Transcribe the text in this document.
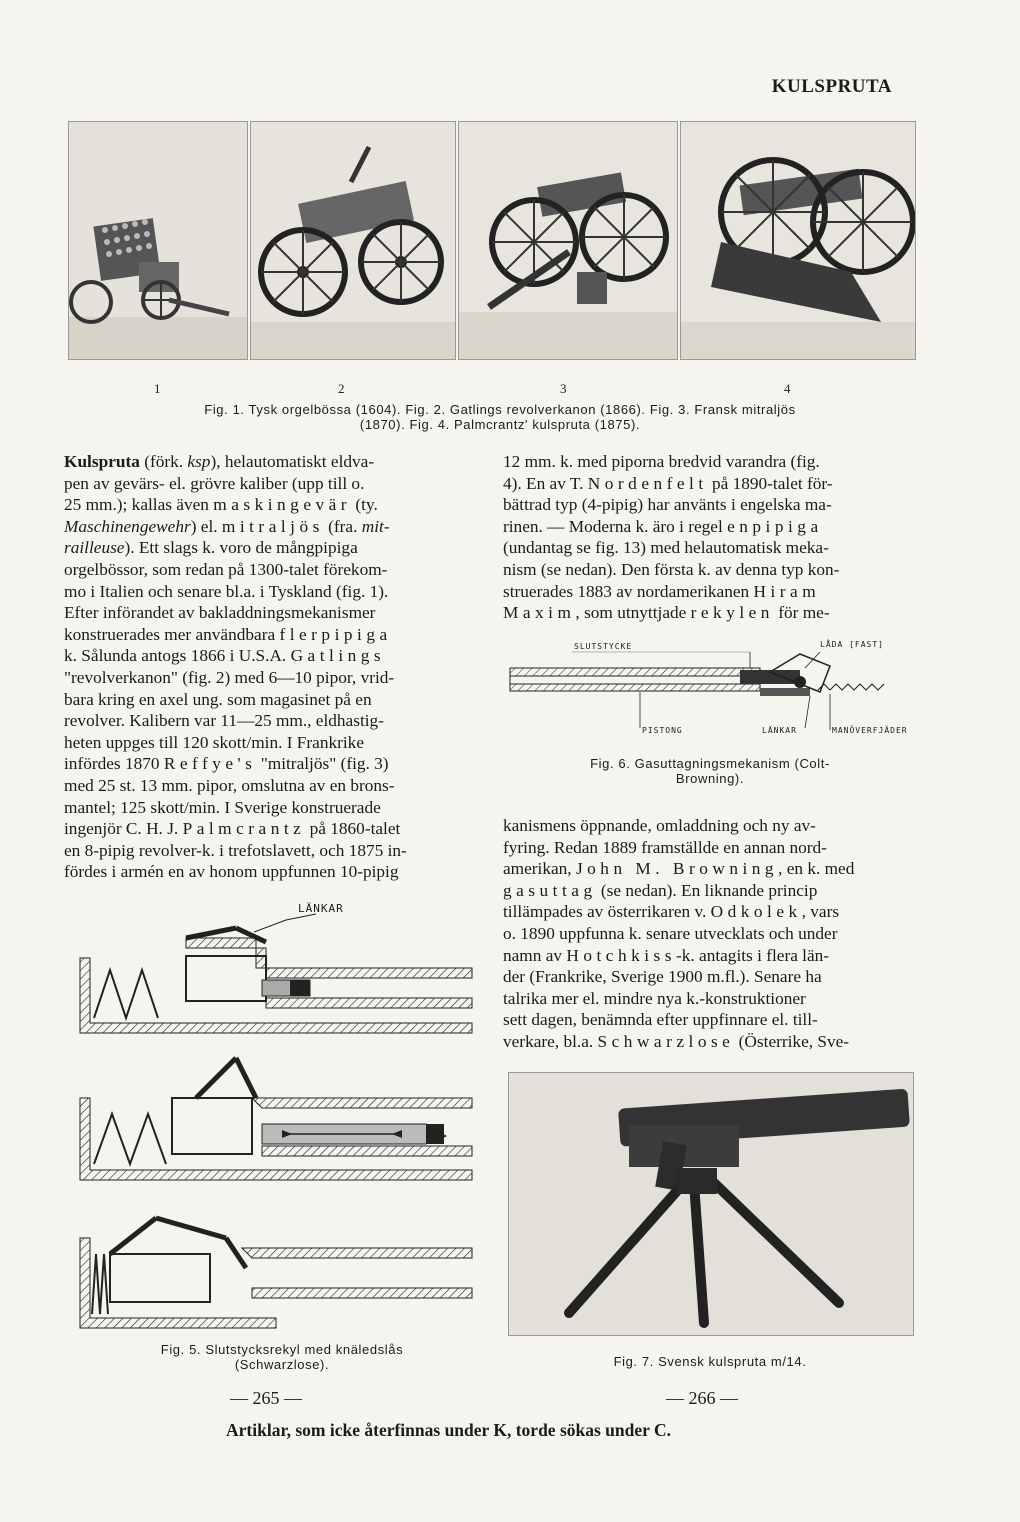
KULSPRUTA
1	2	3	4
Fig. 1. Tysk orgelbössa (1604). Fig. 2. Gatlings revolverkanon (1866). Fig. 3. Fransk mitraljös
(1870). Fig. 4. Palmcrantz' kulspruta (1875).

Kulspruta (förk. ksp), helautomatiskt eldva-

pen av gevärs- el. grövre kaliber (upp till o.

25 mm.); kallas även maskingevär (ty.

Maschinengewehr) el. mitraljös (fra. mit-

railleuse). Ett slags k. voro de mångpipiga

orgelbössor, som redan på 1300-talet förekom-

mo i Italien och senare bl.a. i Tyskland (fig. 1).

Efter införandet av bakladdningsmekanismer

konstruerades mer användbara flerpipiga

k. Sålunda antogs 1866 i U.S.A. Gatlings

"revolverkanon" (fig. 2) med 6—10 pipor, vrid-

bara kring en axel ung. som magasinet på en

revolver. Kalibern var 11—25 mm., eldhastig-

heten uppges till 120 skott/min. I Frankrike

infördes 1870 Reffye's "mitraljös" (fig. 3)

med 25 st. 13 mm. pipor, omslutna av en brons-

mantel; 125 skott/min. I Sverige konstruerade

ingenjör C. H. J. Palmcrantz på 1860-talet

en 8-pipig revolver-k. i trefotslavett, och 1875 in-

fördes i armén en av honom uppfunnen 10-pipig

12 mm. k. med piporna bredvid varandra (fig.

4). En av T. Nordenfelt på 1890-talet för-

bättrad typ (4-pipig) har använts i engelska ma-

rinen. — Moderna k. äro i regel enpipiga

(undantag se fig. 13) med helautomatisk meka-

nism (se nedan). Den första k. av denna typ kon-

struerades 1883 av nordamerikanen Hiram

Maxim, som utnyttjade rekylen för me-

SLUTSTYCKE	LÅDA [FAST]
PISTONG	LÄNKAR	MANÖVERFJÄDER
Fig. 6. Gasuttagningsmekanism (Colt-
Browning).

kanismens öppnande, omladdning och ny av-

fyring. Redan 1889 framställde en annan nord-

amerikan, John M. Browning, en k. med

gasuttag (se nedan). En liknande princip

tillämpades av österrikaren v. Odkolek, vars

o. 1890 uppfunna k. senare utvecklats och under

namn av Hotchkiss-k. antagits i flera län-

der (Frankrike, Sverige 1900 m.fl.). Senare ha

talrika mer el. mindre nya k.-konstruktioner

sett dagen, benämnda efter uppfinnare el. till-

verkare, bl.a. Schwarzlose (Österrike, Sve-

LÄNKAR
Fig. 5. Slutstycksrekyl med knäledslås
(Schwarzlose).	Fig. 7. Svensk kulspruta m/14.
— 265 —	— 266 —
Artiklar, som icke återfinnas under K, torde sökas under C.
